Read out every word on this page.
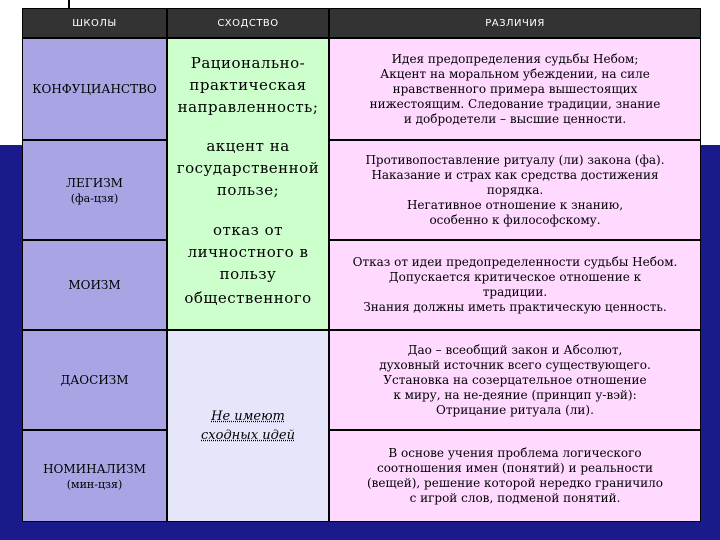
ШКОЛЫ	СХОДСТВО	РАЗЛИЧИЯ
КОНФУЦИАНСТВО
ЛЕГИЗМ
(фа-цзя)
МОИЗМ
ДАОСИЗМ
НОМИНАЛИЗМ
(мин-цзя)
Рационально-
практическая
направленность;
акцент на
государственной
пользе;
отказ от
личностного в
пользу
общественного
Не имеют
сходных идей
Идея предопределения судьбы Небом;
Акцент на моральном убеждении, на силе
нравственного примера вышестоящих
нижестоящим. Следование традиции, знание
и добродетели – высшие ценности.
Противопоставление ритуалу (ли) закона (фа).
Наказание и страх как средства достижения
порядка.
Негативное отношение к знанию,
особенно к философскому.
Отказ от идеи предопределенности судьбы Небом.
Допускается критическое отношение к
традиции.
Знания должны иметь практическую ценность.
Дао – всеобщий закон и Абсолют,
духовный источник всего существующего.
Установка на созерцательное отношение
к миру, на не-деяние (принцип у-вэй):
Отрицание ритуала (ли).
В основе учения проблема логического
соотношения имен (понятий) и реальности
(вещей), решение которой нередко граничило
с игрой слов, подменой понятий.
